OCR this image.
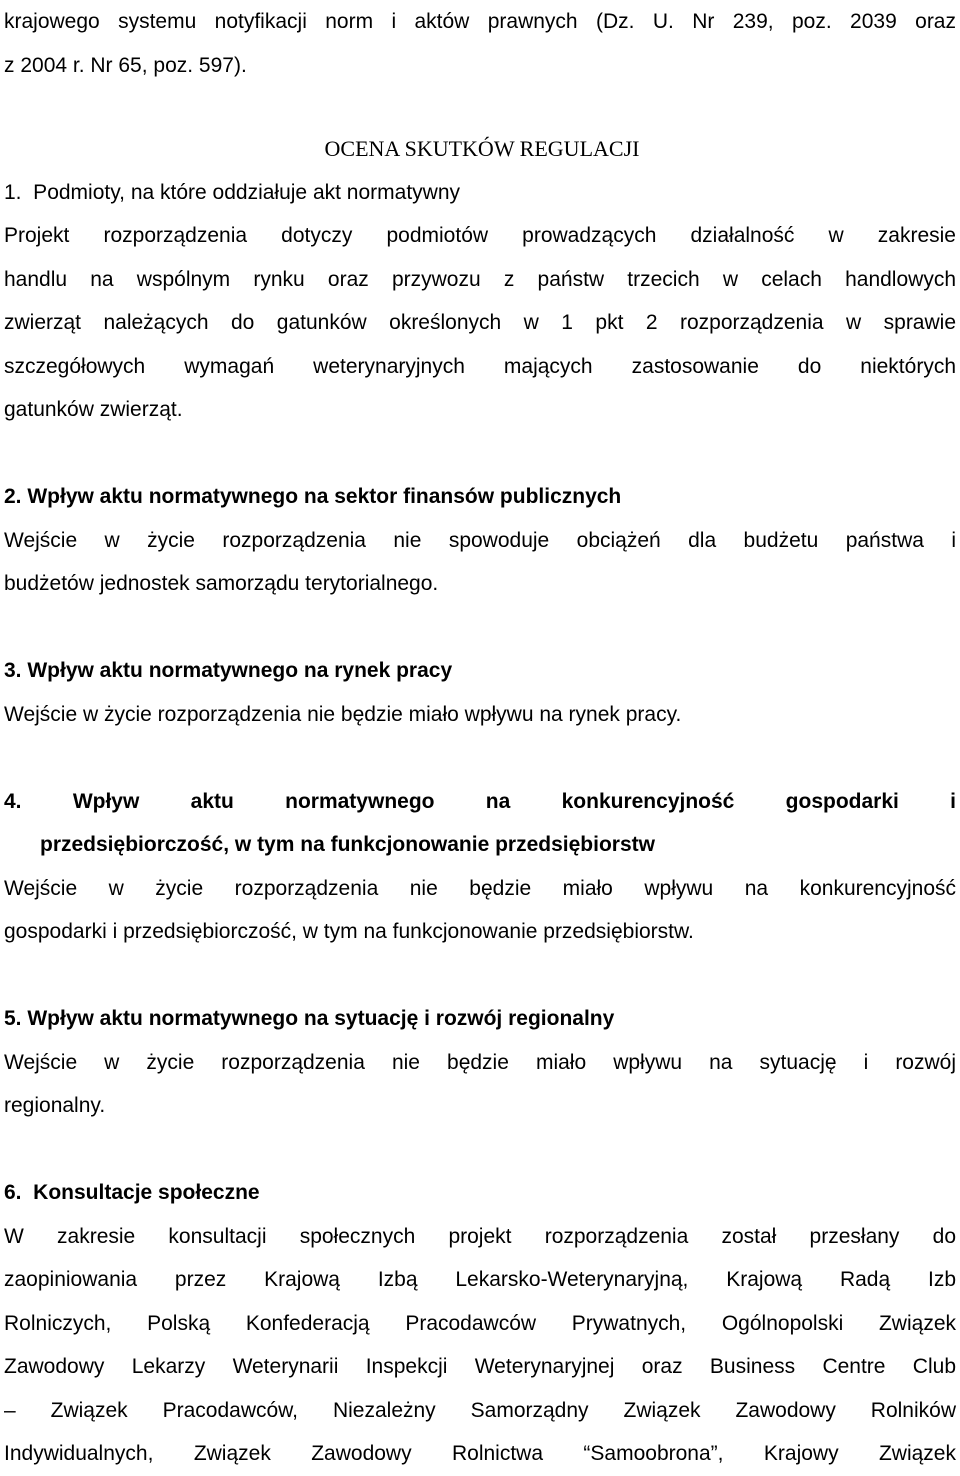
krajowego systemu notyfikacji norm i aktów prawnych (Dz. U. Nr 239, poz. 2039 oraz
z 2004 r. Nr 65, poz. 597).
OCENA SKUTKÓW REGULACJI
1.  Podmioty, na które oddziałuje akt normatywny
Projekt rozporządzenia dotyczy podmiotów prowadzących działalność w zakresie
handlu na wspólnym rynku oraz przywozu z państw trzecich w celach handlowych
zwierząt należących do gatunków określonych w 1 pkt 2 rozporządzenia w sprawie
szczegółowych wymagań weterynaryjnych mających zastosowanie do niektórych
gatunków zwierząt.
2. Wpływ aktu normatywnego na sektor finansów publicznych
Wejście w życie rozporządzenia nie spowoduje obciążeń dla budżetu państwa i
budżetów jednostek samorządu terytorialnego.
3. Wpływ aktu normatywnego na rynek pracy
Wejście w życie rozporządzenia nie będzie miało wpływu na rynek pracy.
4. Wpływ aktu normatywnego na konkurencyjność gospodarki i
przedsiębiorczość, w tym na funkcjonowanie przedsiębiorstw
Wejście w życie rozporządzenia nie będzie miało wpływu na konkurencyjność
gospodarki i przedsiębiorczość, w tym na funkcjonowanie przedsiębiorstw.
5. Wpływ aktu normatywnego na sytuację i rozwój regionalny
Wejście w życie rozporządzenia nie będzie miało wpływu na sytuację i rozwój
regionalny.
6.  Konsultacje społeczne
W zakresie konsultacji społecznych projekt rozporządzenia został przesłany do
zaopiniowania przez Krajową Izbą Lekarsko-Weterynaryjną, Krajową Radą Izb
Rolniczych, Polską Konfederacją Pracodawców Prywatnych, Ogólnopolski Związek
Zawodowy Lekarzy Weterynarii Inspekcji Weterynaryjnej oraz Business Centre Club
– Związek Pracodawców, Niezależny Samorządny Związek Zawodowy Rolników
Indywidualnych, Związek Zawodowy Rolnictwa “Samoobrona”, Krajowy Związek
